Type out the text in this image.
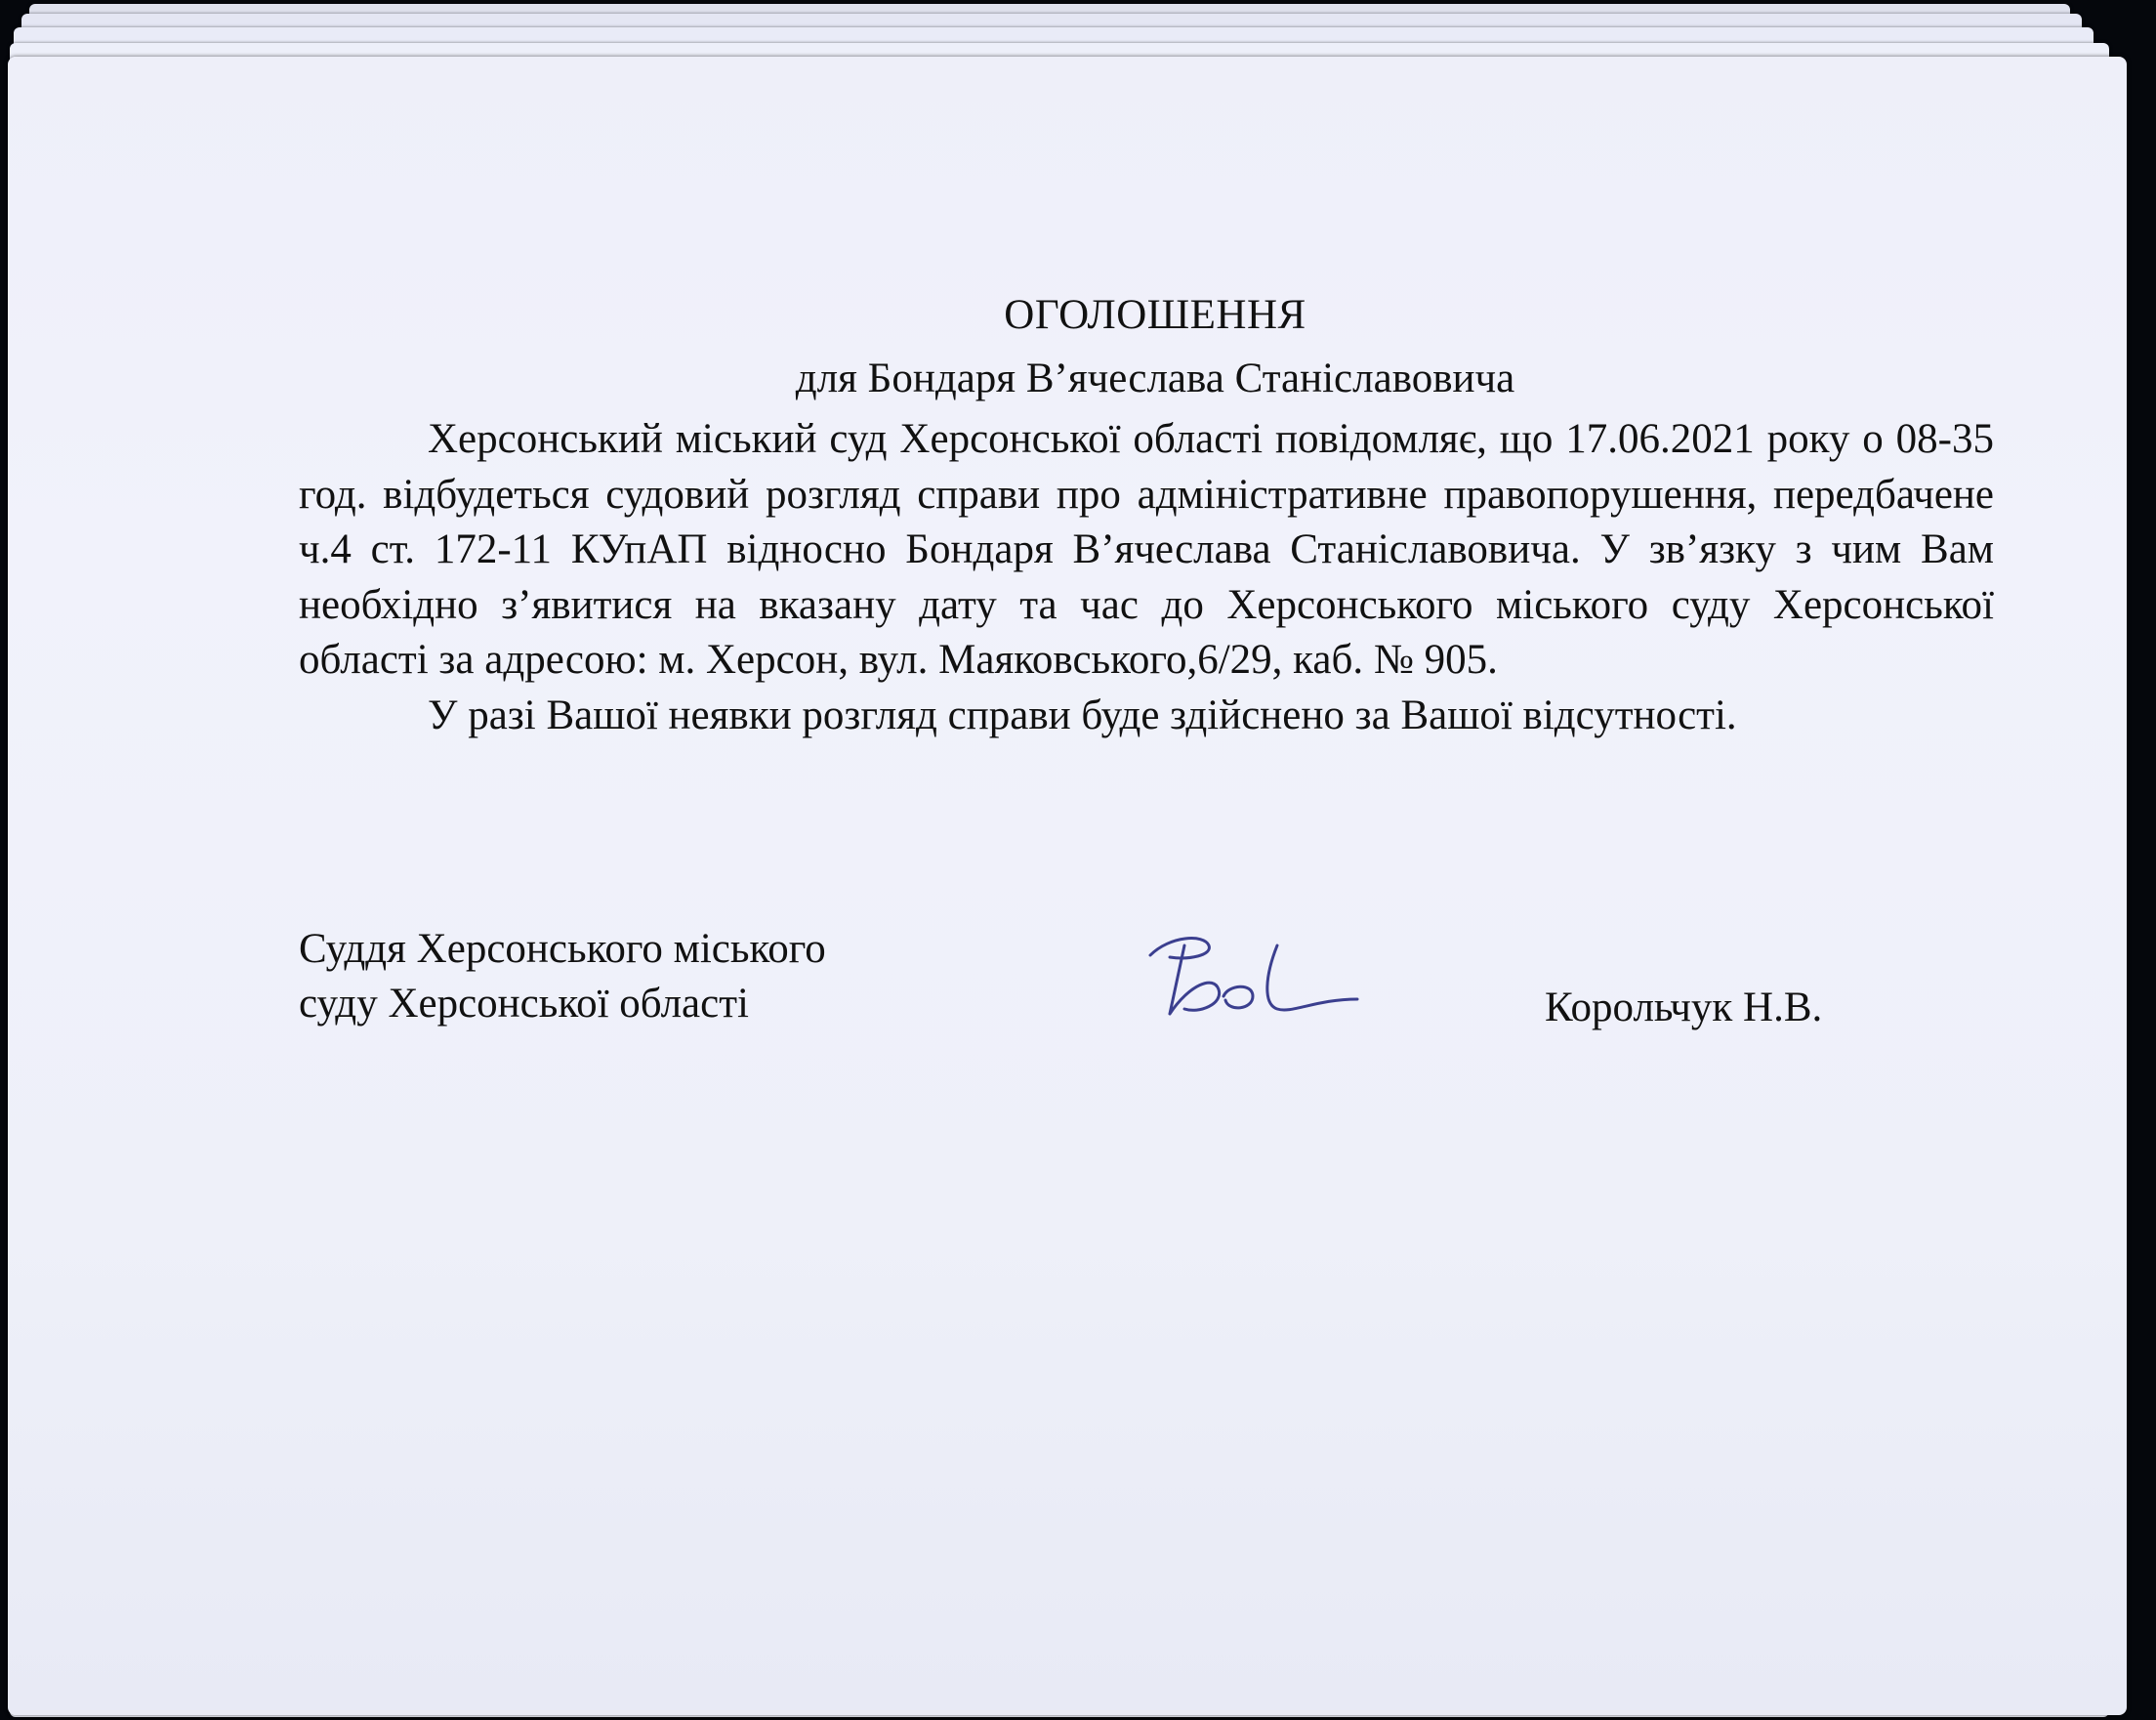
ОГОЛОШЕННЯ
для Бондаря В’ячеслава Станіславовича

Херсонський міський суд Херсонської області повідомляє, що 17.06.2021 року о 08-35 год. відбудеться судовий розгляд справи про адміністративне правопорушення, передбачене ч.4 ст. 172-11 КУпАП відносно Бондаря В’ячеслава Станіславовича. У зв’язку з чим Вам необхідно з’явитися на вказану дату та час до Херсонського міського суду Херсонської області за адресою: м. Херсон, вул. Маяковського,6/29, каб. № 905.

У разі Вашої неявки розгляд справи буде здійснено за Вашої відсутності.

Суддя Херсонського міського
суду Херсонської області	Корольчук Н.В.
